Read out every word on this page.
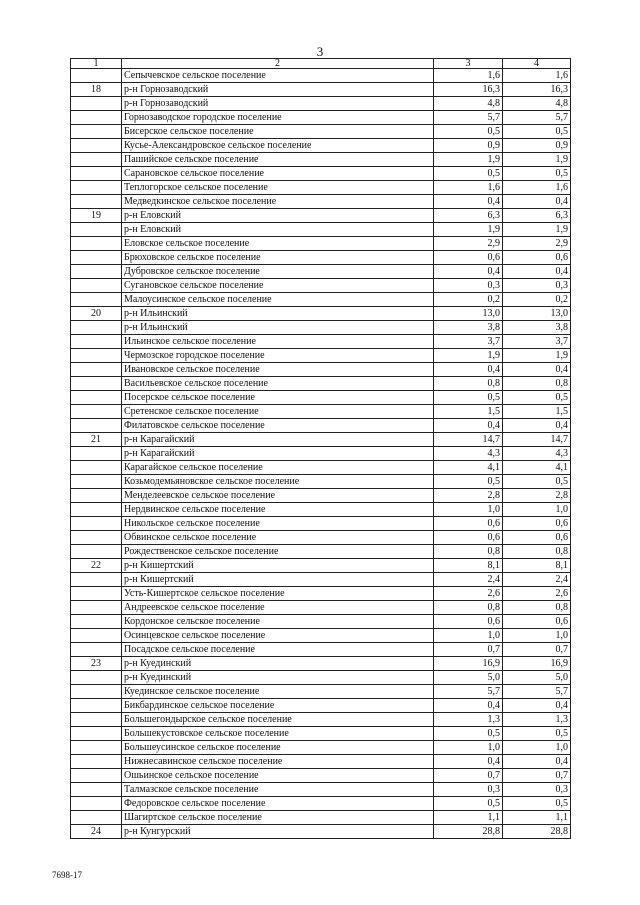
3
1	2	3	4
	Сепычевское сельское поселение	1,6	1,6
18	р-н Горнозаводский	16,3	16,3
	р-н Горнозаводский	4,8	4,8
	Горнозаводское городское поселение	5,7	5,7
	Бисерское сельское поселение	0,5	0,5
	Кусье-Александровское сельское поселение	0,9	0,9
	Пашийское сельское поселение	1,9	1,9
	Сарановское сельское поселение	0,5	0,5
	Теплогорское сельское поселение	1,6	1,6
	Медведкинское сельское поселение	0,4	0,4
19	р-н Еловский	6,3	6,3
	р-н Еловский	1,9	1,9
	Еловское сельское поселение	2,9	2,9
	Брюховское сельское поселение	0,6	0,6
	Дубровское сельское поселение	0,4	0,4
	Сугановское сельское поселение	0,3	0,3
	Малоусинское сельское поселение	0,2	0,2
20	р-н Ильинский	13,0	13,0
	р-н Ильинский	3,8	3,8
	Ильинское сельское поселение	3,7	3,7
	Чермозское городское поселение	1,9	1,9
	Ивановское сельское поселение	0,4	0,4
	Васильевское сельское поселение	0,8	0,8
	Посерское сельское поселение	0,5	0,5
	Сретенское сельское поселение	1,5	1,5
	Филатовское сельское поселение	0,4	0,4
21	р-н Карагайский	14,7	14,7
	р-н Карагайский	4,3	4,3
	Карагайское сельское поселение	4,1	4,1
	Козьмодемьяновское сельское поселение	0,5	0,5
	Менделеевское сельское поселение	2,8	2,8
	Нердвинское сельское поселение	1,0	1,0
	Никольское сельское поселение	0,6	0,6
	Обвинское сельское поселение	0,6	0,6
	Рождественское сельское поселение	0,8	0,8
22	р-н Кишертский	8,1	8,1
	р-н Кишертский	2,4	2,4
	Усть-Кишертское сельское поселение	2,6	2,6
	Андреевское сельское поселение	0,8	0,8
	Кордонское сельское поселение	0,6	0,6
	Осинцевское сельское поселение	1,0	1,0
	Посадское сельское поселение	0,7	0,7
23	р-н Куединский	16,9	16,9
	р-н Куединский	5,0	5,0
	Куединское сельское поселение	5,7	5,7
	Бикбардинское сельское поселение	0,4	0,4
	Большегондырское сельское поселение	1,3	1,3
	Большекустовское сельское поселение	0,5	0,5
	Большеусинское сельское поселение	1,0	1,0
	Нижнесавинское сельское поселение	0,4	0,4
	Ошьинское сельское поселение	0,7	0,7
	Талмазское сельское поселение	0,3	0,3
	Федоровское сельское поселение	0,5	0,5
	Шагиртское сельское поселение	1,1	1,1
24	р-н Кунгурский	28,8	28,8
7698-17
